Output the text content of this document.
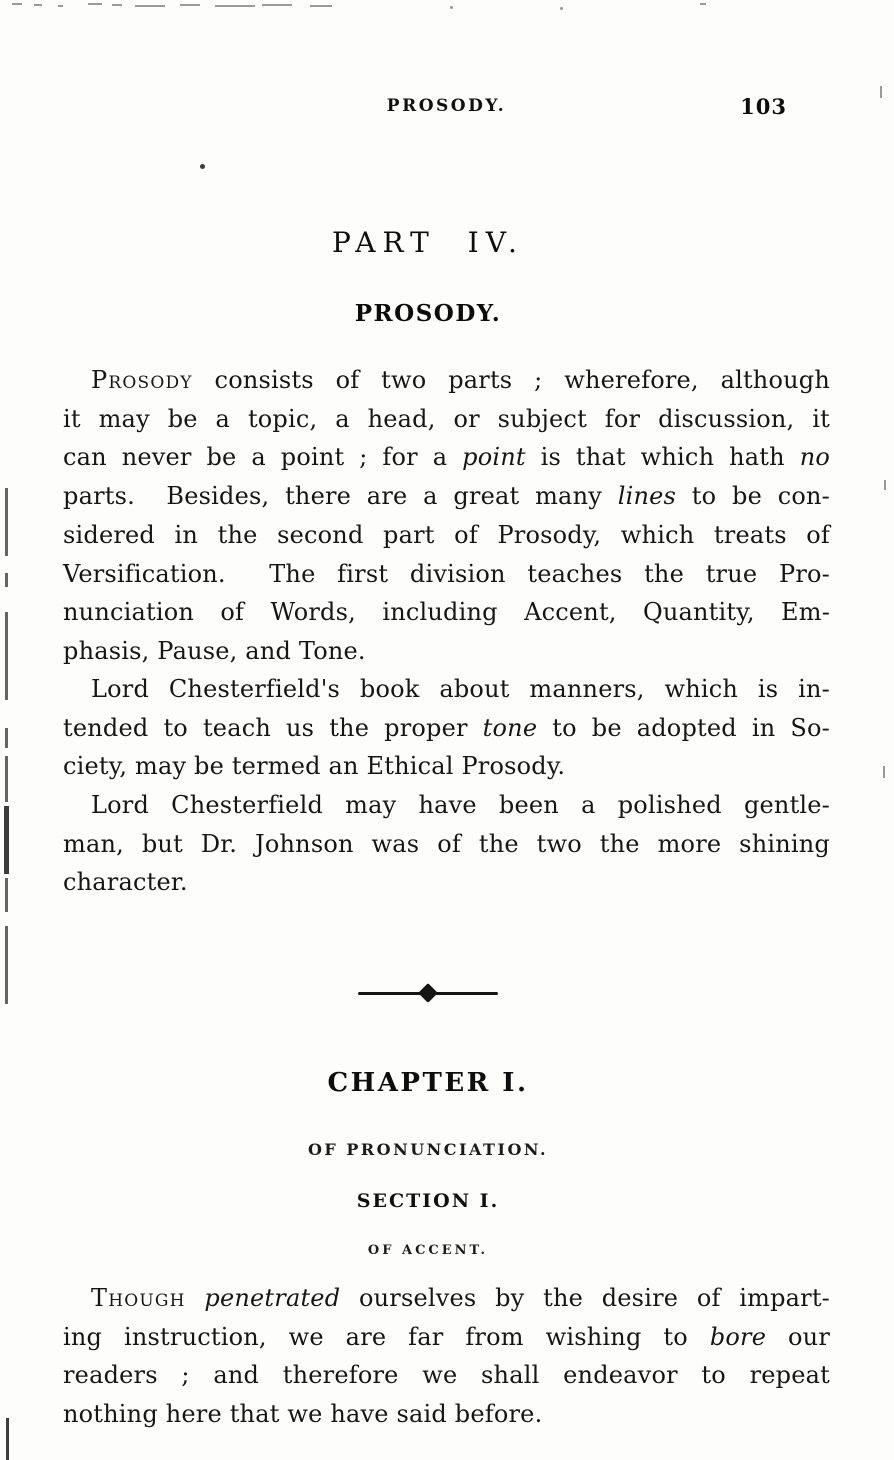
PROSODY.	103
PART IV.
PROSODY.
Prosody consists of two parts ; wherefore, although
it may be a topic, a head, or subject for discussion, it
can never be a point ; for a point is that which hath no
parts.  Besides, there are a great many lines to be con-
sidered in the second part of Prosody, which treats of
Versification.  The first division teaches the true Pro-
nunciation of Words, including Accent, Quantity, Em-
phasis, Pause, and Tone.
Lord Chesterfield's book about manners, which is in-
tended to teach us the proper tone to be adopted in So-
ciety, may be termed an Ethical Prosody.
Lord Chesterfield may have been a polished gentle-
man, but Dr. Johnson was of the two the more shining
character.
CHAPTER I.
OF PRONUNCIATION.
SECTION I.
OF ACCENT.
Though penetrated ourselves by the desire of impart-
ing instruction, we are far from wishing to bore our
readers ; and therefore we shall endeavor to repeat
nothing here that we have said before.
